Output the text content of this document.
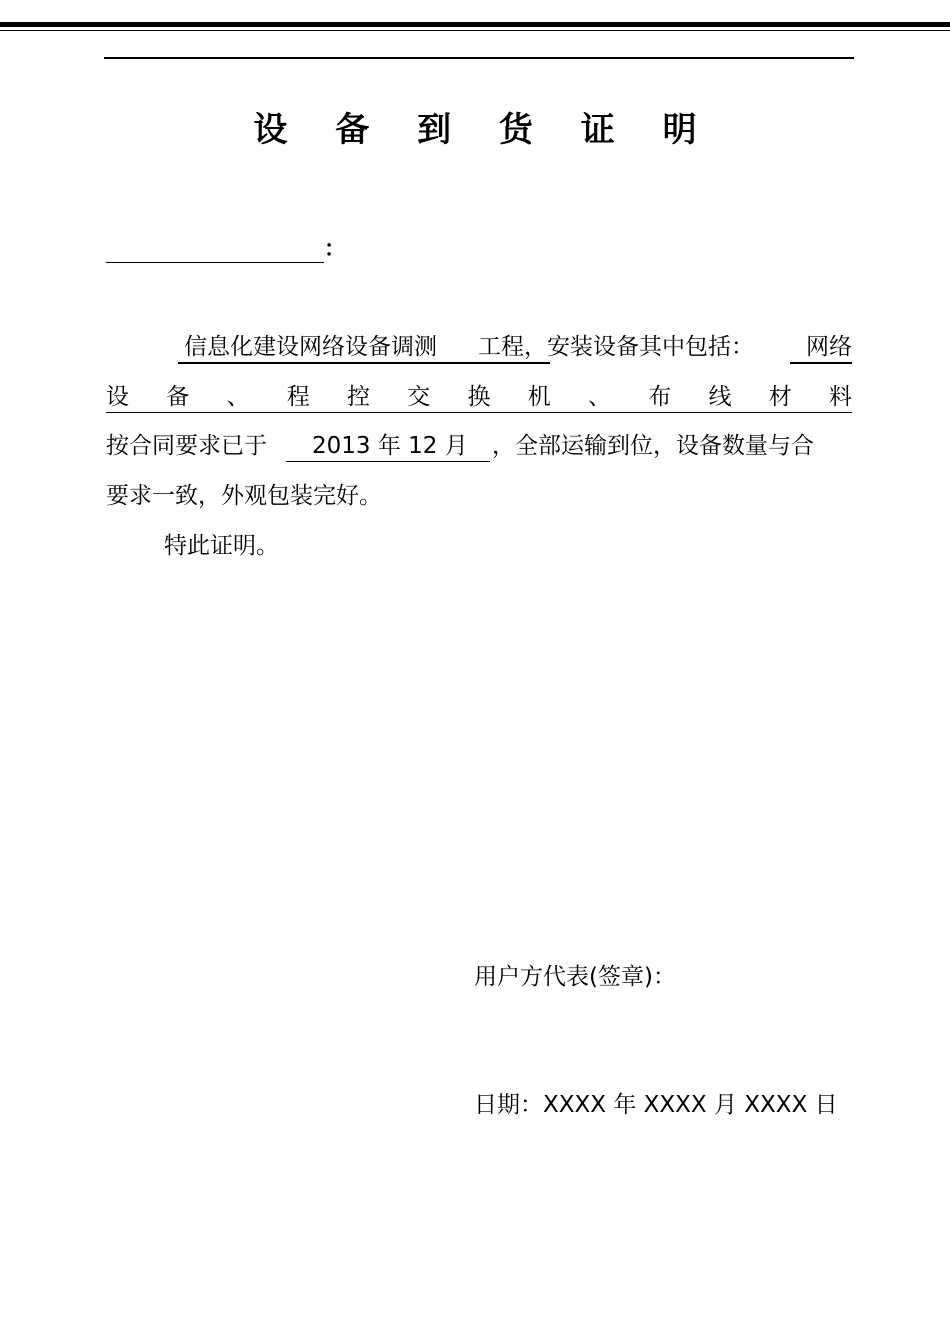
设 备 到 货 证 明
：
信息化建设网络设备调测 工程，安装设备其中包括： 网络
设 备 、 程 控 交 换 机 、 布 线 材 料
按合同要求已于 2013 年 12 月 ，全部运输到位，设备数量与合
要求一致，外观包装完好。
特此证明。
用户方代表(签章)：
日期：XXXX 年 XXXX 月 XXXX 日
